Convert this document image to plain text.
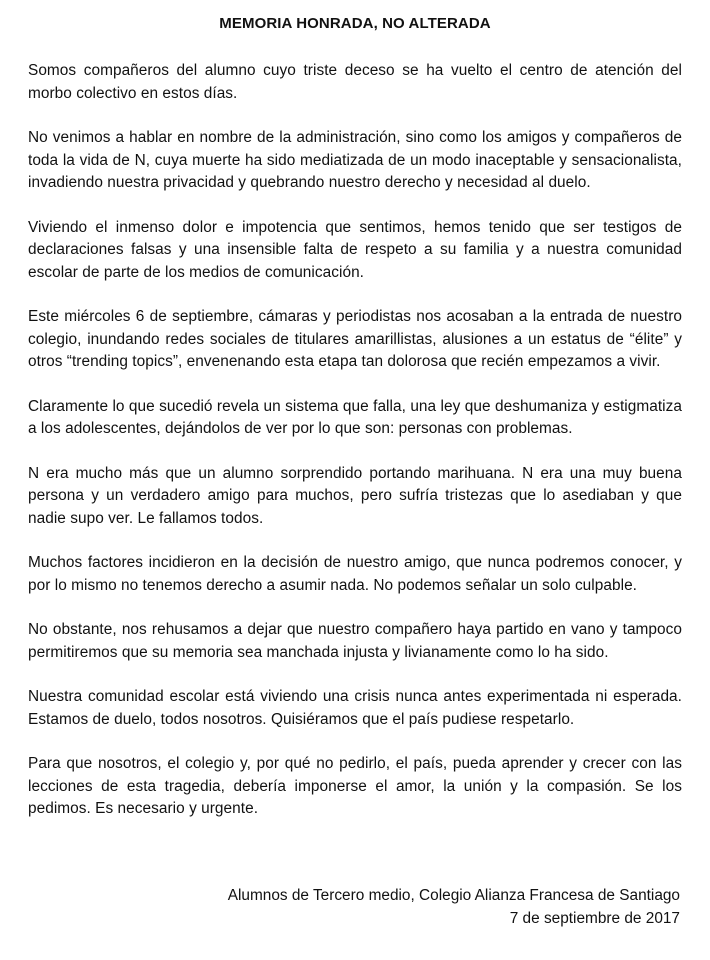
MEMORIA HONRADA, NO ALTERADA

Somos compañeros del alumno cuyo triste deceso se ha vuelto el centro de atención del morbo colectivo en estos días.

No venimos a hablar en nombre de la administración, sino como los amigos y compañeros de toda la vida de N, cuya muerte ha sido mediatizada de un modo inaceptable y sensacionalista, invadiendo nuestra privacidad y quebrando nuestro derecho y necesidad al duelo.

Viviendo el inmenso dolor e impotencia que sentimos, hemos tenido que ser testigos de declaraciones falsas y una insensible falta de respeto a su familia y a nuestra comunidad escolar de parte de los medios de comunicación.

Este miércoles 6 de septiembre, cámaras y periodistas nos acosaban a la entrada de nuestro colegio, inundando redes sociales de titulares amarillistas, alusiones a un estatus de “élite” y otros “trending topics”, envenenando esta etapa tan dolorosa que recién empezamos a vivir.

Claramente lo que sucedió revela un sistema que falla, una ley que deshumaniza y estigmatiza a los adolescentes, dejándolos de ver por lo que son: personas con problemas.

N era mucho más que un alumno sorprendido portando marihuana. N era una muy buena persona y un verdadero amigo para muchos, pero sufría tristezas que lo asediaban y que nadie supo ver. Le fallamos todos.

Muchos factores incidieron en la decisión de nuestro amigo, que nunca podremos conocer, y por lo mismo no tenemos derecho a asumir nada. No podemos señalar un solo culpable.

No obstante, nos rehusamos a dejar que nuestro compañero haya partido en vano y tampoco permitiremos que su memoria sea manchada injusta y livianamente como lo ha sido.

Nuestra comunidad escolar está viviendo una crisis nunca antes experimentada ni esperada. Estamos de duelo, todos nosotros. Quisiéramos que el país pudiese respetarlo.

Para que nosotros, el colegio y, por qué no pedirlo, el país, pueda aprender y crecer con las lecciones de esta tragedia, debería imponerse el amor, la unión y la compasión. Se los pedimos. Es necesario y urgente.

Alumnos de Tercero medio, Colegio Alianza Francesa de Santiago
7 de septiembre de 2017
